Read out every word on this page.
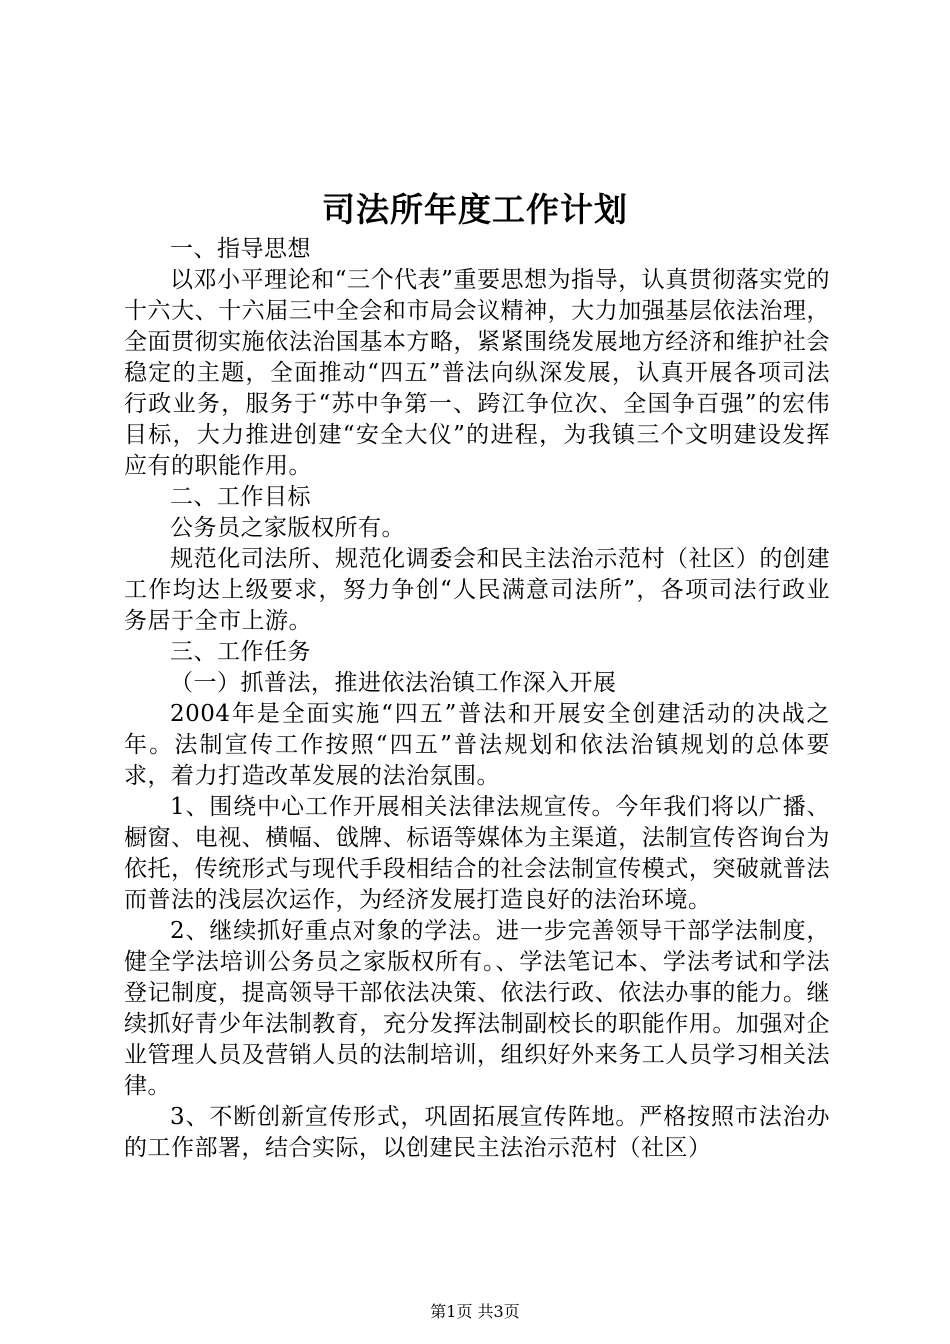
司法所年度工作计划

一、指导思想

以邓小平理论和“三个代表”重要思想为指导，认真贯彻落实党的十六大、十六届三中全会和市局会议精神，大力加强基层依法治理，全面贯彻实施依法治国基本方略，紧紧围绕发展地方经济和维护社会稳定的主题，全面推动“四五”普法向纵深发展，认真开展各项司法行政业务，服务于“苏中争第一、跨江争位次、全国争百强”的宏伟目标，大力推进创建“安全大仪”的进程，为我镇三个文明建设发挥应有的职能作用。

二、工作目标

公务员之家版权所有。

规范化司法所、规范化调委会和民主法治示范村（社区）的创建工作均达上级要求，努力争创“人民满意司法所”，各项司法行政业务居于全市上游。

三、工作任务

（一）抓普法，推进依法治镇工作深入开展

2004年是全面实施“四五”普法和开展安全创建活动的决战之年。法制宣传工作按照“四五”普法规划和依法治镇规划的总体要求，着力打造改革发展的法治氛围。

1、围绕中心工作开展相关法律法规宣传。今年我们将以广播、橱窗、电视、横幅、戗牌、标语等媒体为主渠道，法制宣传咨询台为依托，传统形式与现代手段相结合的社会法制宣传模式，突破就普法而普法的浅层次运作，为经济发展打造良好的法治环境。

2、继续抓好重点对象的学法。进一步完善领导干部学法制度，健全学法培训公务员之家版权所有。、学法笔记本、学法考试和学法登记制度，提高领导干部依法决策、依法行政、依法办事的能力。继续抓好青少年法制教育，充分发挥法制副校长的职能作用。加强对企业管理人员及营销人员的法制培训，组织好外来务工人员学习相关法律。

3、不断创新宣传形式，巩固拓展宣传阵地。严格按照市法治办的工作部署，结合实际，以创建民主法治示范村（社区）

第1页 共3页
